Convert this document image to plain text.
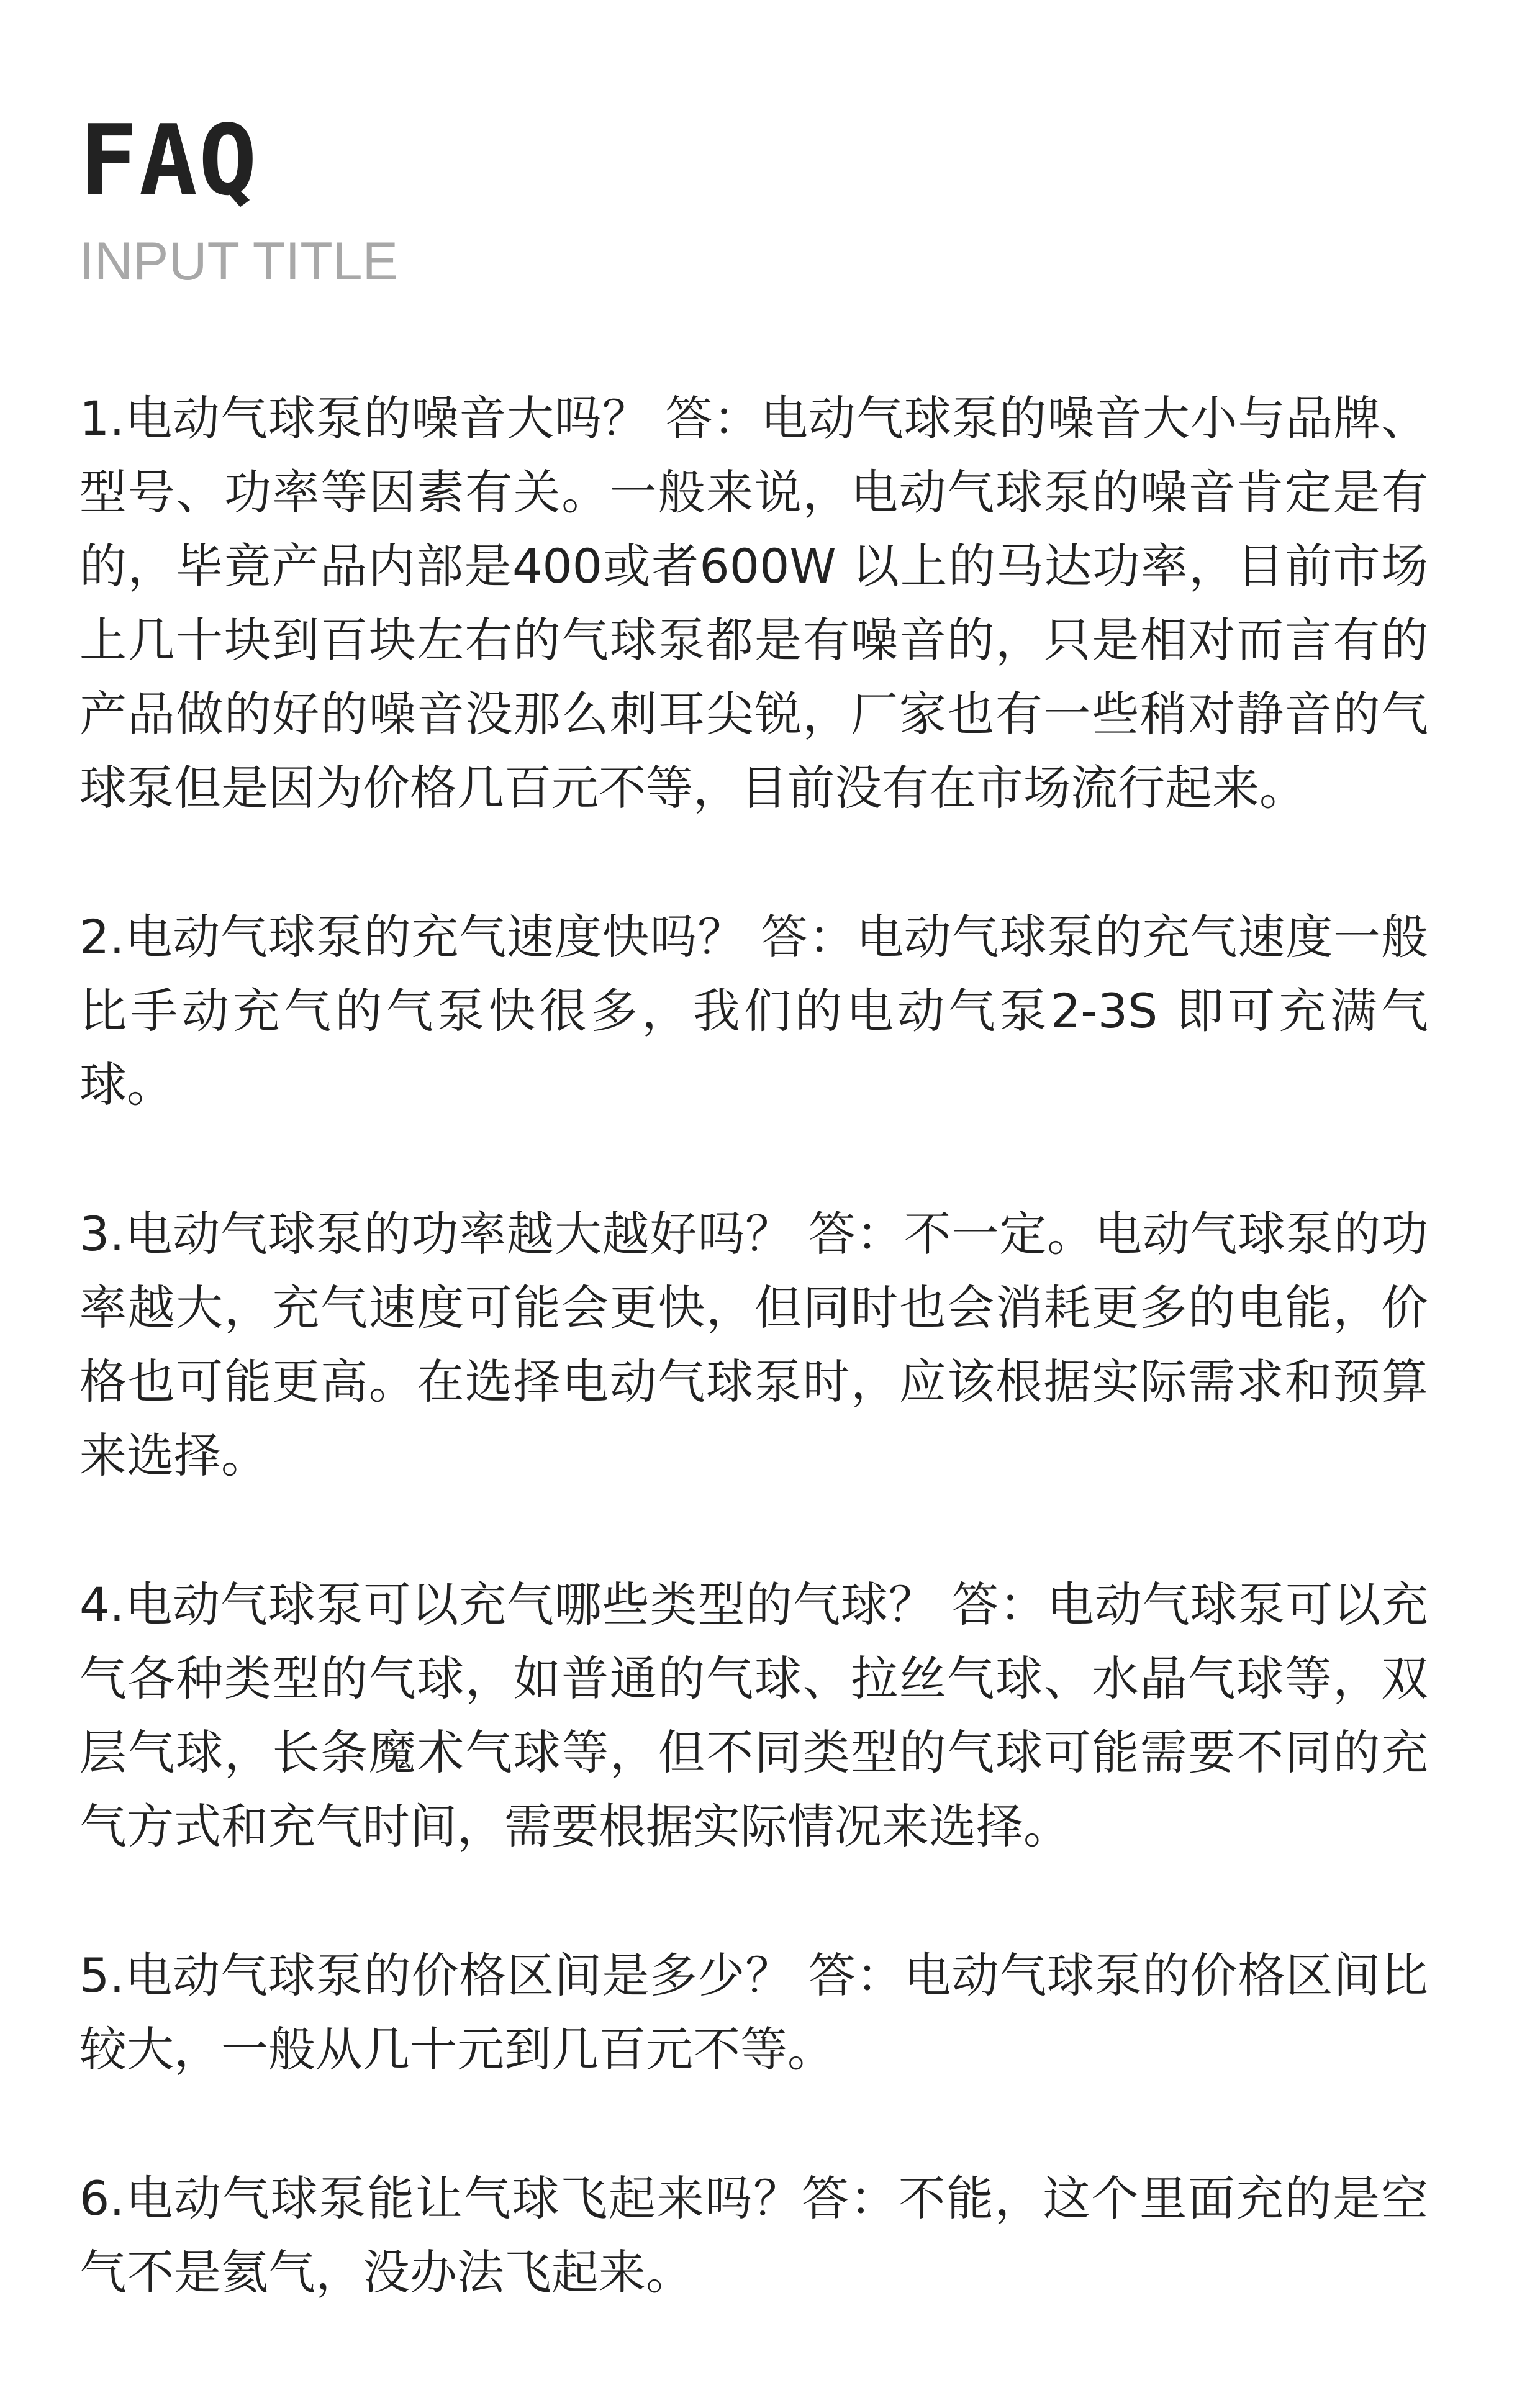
FAQ
INPUT TITLE

1.电动气球泵的噪音大吗？ 答：电动气球泵的噪音大小与品牌、型号、功率等因素有关。一般来说，电动气球泵的噪音肯定是有的，毕竟产品内部是400或者600W 以上的马达功率，目前市场上几十块到百块左右的气球泵都是有噪音的，只是相对而言有的产品做的好的噪音没那么刺耳尖锐，厂家也有一些稍对静音的气球泵但是因为价格几百元不等，目前没有在市场流行起来。

2.电动气球泵的充气速度快吗？ 答：电动气球泵的充气速度一般比手动充气的气泵快很多，我们的电动气泵2-3S 即可充满气球。

3.电动气球泵的功率越大越好吗？ 答：不一定。电动气球泵的功率越大，充气速度可能会更快，但同时也会消耗更多的电能，价格也可能更高。在选择电动气球泵时，应该根据实际需求和预算来选择。

4.电动气球泵可以充气哪些类型的气球？ 答：电动气球泵可以充气各种类型的气球，如普通的气球、拉丝气球、水晶气球等，双层气球，长条魔术气球等，但不同类型的气球可能需要不同的充气方式和充气时间，需要根据实际情况来选择。

5.电动气球泵的价格区间是多少？ 答：电动气球泵的价格区间比较大，一般从几十元到几百元不等。

6.电动气球泵能让气球飞起来吗？答：不能，这个里面充的是空气不是氦气，没办法飞起来。
